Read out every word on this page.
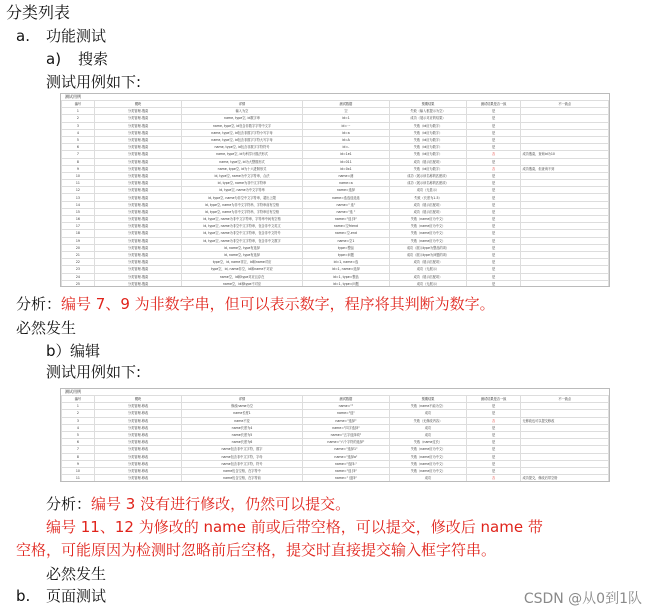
分类列表
a. 功能测试
a) 搜索
测试用例如下:
测试用例
编号	模块	详情	测试数据	预期结果	测试结果是否一致	不一致点
1	分类管理-搜索	输入为空	空	失败（输入框提示为空）	是	
2	分类管理-搜索	name, type空, id数字串	id=1	成功（展示对应的结果）	是	
3	分类管理-搜索	name, type空, id包含非数字字符中文字	id=一	失败（id应为数字）	是	
4	分类管理-搜索	name, type空, id包含非数字字符小写字母	id=a	失败（id应为数字）	是	
5	分类管理-搜索	name, type空, id包含非数字字符大写字母	id=A	失败（id应为数字）	是	
6	分类管理-搜索	name, type空, id包含非数字字符符号	id=-	失败（id应为数字）	是	
7	分类管理-搜索	name, type空, id为科学计数法形式	id=1e1	失败（id应为数字）	否	成功搜索，查询id为10
8	分类管理-搜索	name, type空, id为大整数形式	id=011	成功（展示匹配项）	是	
9	分类管理-搜索	name, type空, id为十六进制形式	id=0x1	失败（id应为数字）	否	成功搜索，但查询不到
10	分类管理-搜索	id, type空, name为中文字符串，合法	name=测	成功（展示该名称的匹配项）	是	
11	分类管理-搜索	id, type空, name为非中文字符串	name=a	成功（展示该名称的匹配项）	是	
12	分类管理-搜索	id, type空, name为中文字符串	name=选择	成功（无显示）	是	
13	分类管理-搜索	id, type空, name为非空中文字符串，超出上限	name=选选选选选	失败（长度为1-5）	是	
14	分类管理-搜索	id, type空, name为非中文字符串，字符串前有空格	name=" 选"	成功（展示匹配项）	是	
15	分类管理-搜索	id, type空, name为非中文字符串，字符串后有空格	name="选 "	成功（展示匹配项）	是	
16	分类管理-搜索	id, type空, name为非中文字符串，字符串中间有空格	name="选 择"	失败（name应为中文）	是	
17	分类管理-搜索	id, type空, name为非空中文字符串，包含非中文英文	name=空friend	失败（name应为中文）	是	
18	分类管理-搜索	id, type空, name为非空中文字符串，包含非中文符号	name=空-end	失败（name应为中文）	是	
19	分类管理-搜索	id, type空, name为非空中文字符串，包含非中文数字	name=空1	失败（name应为中文）	是	
20	分类管理-搜索	id, name空, type有选择	type=整品	成功（展示type为整品的项）	是	
21	分类管理-搜索	id, name空, type有选择	type=问题	成功（展示type为问题的项）	是	
22	分类管理-搜索	type空，id, name非空，id和name对应	id=1, name=选	成功（展示匹配项）	是	
23	分类管理-搜索	type空，id, name非空，id和name不对应	id=1, name=选择	成功（无展示）	是	
24	分类管理-搜索	name空，id和type对应且存在	id=1, type=整品	成功（展示匹配项）	是	
25	分类管理-搜索	name空，id和type不对应	id=1, type=问题	成功（无展示）	是	

分析：编号 7、9 为非数字串，但可以表示数字，程序将其判断为数字。
必然发生
b） 编辑
测试用例如下:
测试用例
编号	模块	详情	测试数据	预期结果	测试结果是否一致	不一致点
1	分类管理-修改	修改name为空	name=""	失败（name不能为空）	是	
2	分类管理-修改	name长度1	name="选"	成功	是	
3	分类管理-修改	name不变	name="选择"	失败（无修改内容）	否	无修改也可以提交修改
4	分类管理-修改	name长度为4	name="四字选择"	成功	是	
5	分类管理-修改	name长度为5	name="五字选择项"	成功	是	
6	分类管理-修改	name长度为6	name="六个字符的选择"	失败（name过长）	是	
7	分类管理-修改	name包含非中文字符，数字	name="选择1"	失败（name应为中文）	是	
8	分类管理-修改	name包含非中文字符，字母	name="选择a"	失败（name应为中文）	是	
9	分类管理-修改	name包含非中文字符，符号	name="选择-"	失败（name应为中文）	是	
10	分类管理-修改	name包含空格，在字符中	name="选 择"	失败（name应为中文）	是	
11	分类管理-修改	name包含空格，在字符前	name=" 选择"	成功	否	成功提交，修改后带空格

分析：编号 3 没有进行修改，仍然可以提交。
编号 11、12 为修改的 name 前或后带空格，可以提交，修改后 name 带
空格，可能原因为检测时忽略前后空格，提交时直接提交输入框字符串。
必然发生
b. 页面测试	CSDN @从0到1队
